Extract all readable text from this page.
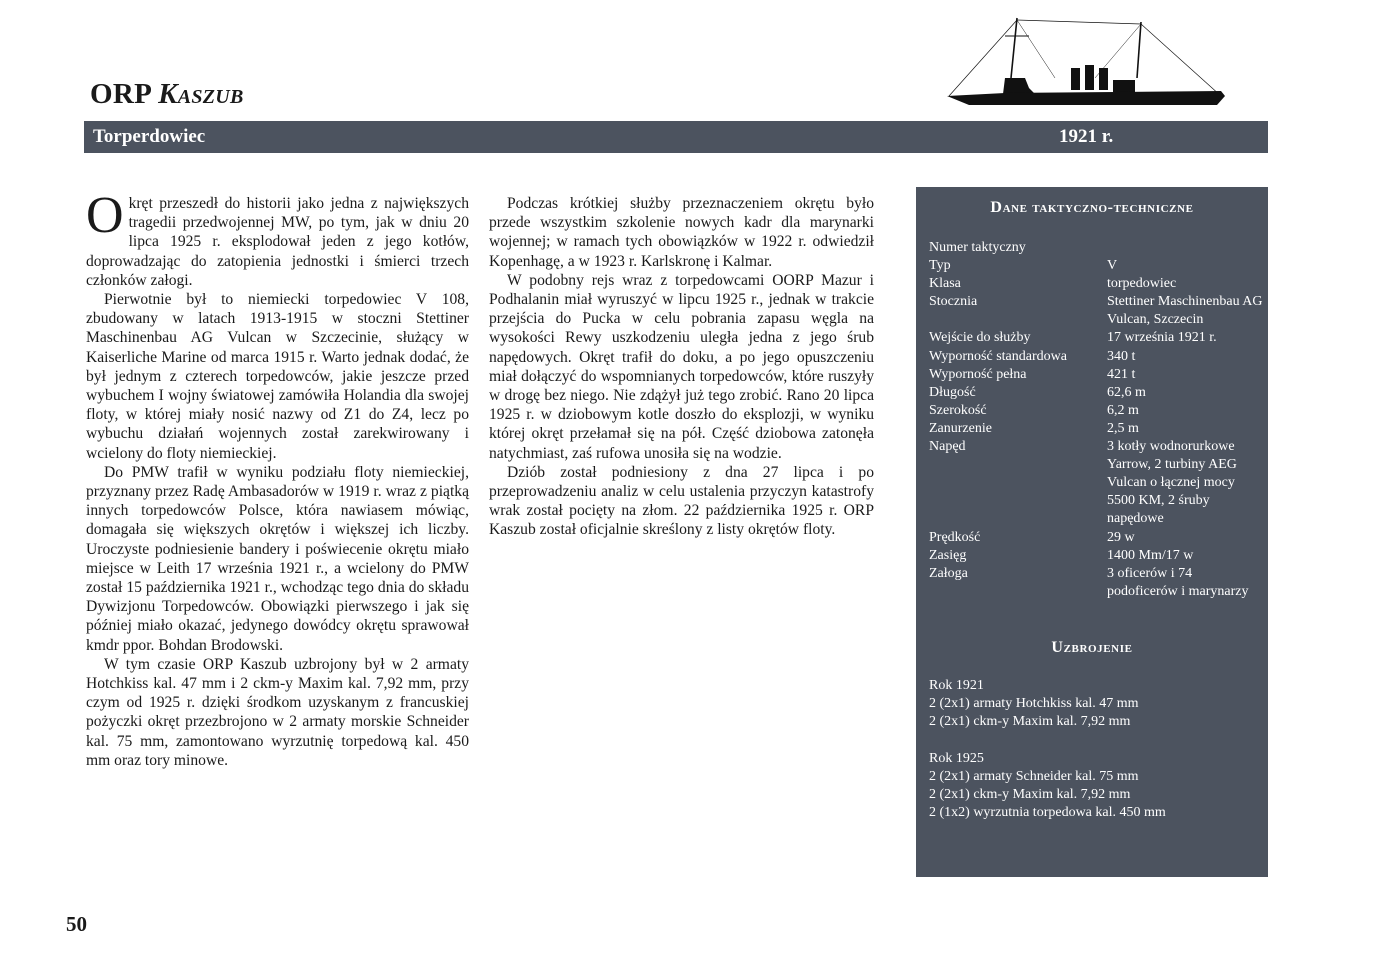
ORP Kaszub
Torperdowiec	1921 r.

Okręt przeszedł do historii jako jedna z największych tragedii przedwojennej MW, po tym, jak w dniu 20 lipca 1925 r. eksplodował jeden z jego kotłów, doprowadzając do zatopienia jednostki i śmierci trzech członków załogi.

Pierwotnie był to niemiecki torpedowiec V 108, zbudowany w latach 1913-1915 w stoczni Stettiner Maschinenbau AG Vulcan w Szczecinie, służący w Kaiserliche Marine od marca 1915 r. Warto jednak dodać, że był jednym z czterech torpedowców, jakie jeszcze przed wybuchem I wojny światowej zamówiła Holandia dla swojej floty, w której miały nosić nazwy od Z1 do Z4, lecz po wybuchu działań wojennych został zarekwirowany i wcielony do floty niemieckiej.

Do PMW trafił w wyniku podziału floty niemieckiej, przyznany przez Radę Ambasadorów w 1919 r. wraz z piątką innych torpedowców Polsce, która nawiasem mówiąc, domagała się większych okrętów i większej ich liczby. Uroczyste podniesienie bandery i poświecenie okrętu miało miejsce w Leith 17 września 1921 r., a wcielony do PMW został 15 października 1921 r., wchodząc tego dnia do składu Dywizjonu Torpedowców. Obowiązki pierwszego i jak się później miało okazać, jedynego dowódcy okrętu sprawował kmdr ppor. Bohdan Brodowski.

W tym czasie ORP Kaszub uzbrojony był w 2 armaty Hotchkiss kal. 47 mm i 2 ckm-y Maxim kal. 7,92 mm, przy czym od 1925 r. dzięki środkom uzyskanym z francuskiej pożyczki okręt przezbrojono w 2 armaty morskie Schneider kal. 75 mm, zamontowano wyrzutnię torpedową kal. 450 mm oraz tory minowe.

Podczas krótkiej służby przeznaczeniem okrętu było przede wszystkim szkolenie nowych kadr dla marynarki wojennej; w ramach tych obowiązków w 1922 r. odwiedził Kopenhagę, a w 1923 r. Karlskronę i Kalmar.

W podobny rejs wraz z torpedowcami OORP Mazur i Podhalanin miał wyruszyć w lipcu 1925 r., jednak w trakcie przejścia do Pucka w celu pobrania zapasu węgla na wysokości Rewy uszkodzeniu uległa jedna z jego śrub napędowych. Okręt trafił do doku, a po jego opuszczeniu miał dołączyć do wspomnianych torpedowców, które ruszyły w drogę bez niego. Nie zdążył już tego zrobić. Rano 20 lipca 1925 r. w dziobowym kotle doszło do eksplozji, w wyniku której okręt przełamał się na pół. Część dziobowa zatonęła natychmiast, zaś rufowa unosiła się na wodzie.

Dziób został podniesiony z dna 27 lipca i po przeprowadzeniu analiz w celu ustalenia przyczyn katastrofy wrak został pocięty na złom. 22 października 1925 r. ORP Kaszub został oficjalnie skreślony z listy okrętów floty.

Dane taktyczno-techniczne
Numer taktyczny	
Typ	V
Klasa	torpedowiec
Stocznia	Stettiner Maschinenbau AG Vulcan, Szczecin
Wejście do służby	17 września 1921 r.
Wyporność standardowa	340 t
Wyporność pełna	421 t
Długość	62,6 m
Szerokość	6,2 m
Zanurzenie	2,5 m
Napęd	3 kotły wodnorurkowe Yarrow, 2 turbiny AEG Vulcan o łącznej mocy 5500 KM, 2 śruby napędowe
Prędkość	29 w
Zasięg	1400 Mm/17 w
Załoga	3 oficerów i 74 podoficerów i marynarzy
Uzbrojenie
Rok 1921
2 (2x1) armaty Hotchkiss kal. 47 mm
2 (2x1) ckm-y Maxim kal. 7,92 mm
Rok 1925
2 (2x1) armaty Schneider kal. 75 mm
2 (2x1) ckm-y Maxim kal. 7,92 mm
2 (1x2) wyrzutnia torpedowa kal. 450 mm
50
